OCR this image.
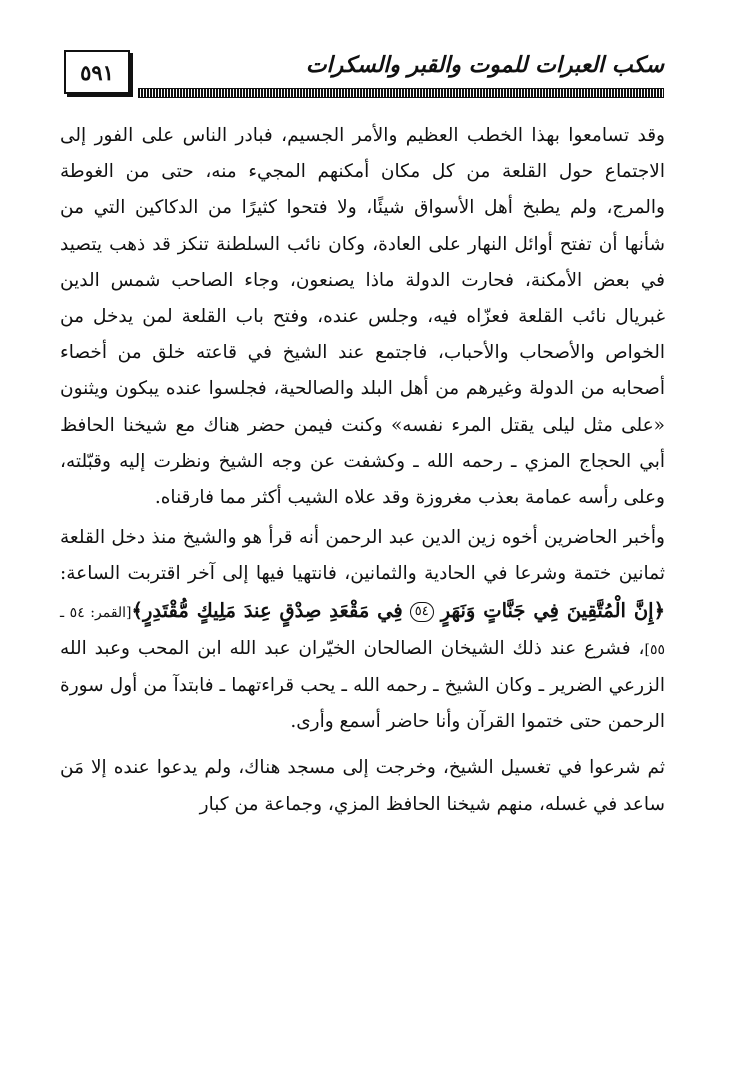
٥٩١	سكب العبرات للموت والقبر والسكرات

وقد تسامعوا بهذا الخطب العظيم والأمر الجسيم، فبادر الناس على الفور إلى الاجتماع حول القلعة من كل مكان أمكنهم المجيء منه، حتى من الغوطة والمرج، ولم يطبخ أهل الأسواق شيئًا، ولا فتحوا كثيرًا من الدكاكين التي من شأنها أن تفتح أوائل النهار على العادة، وكان نائب السلطنة تنكز قد ذهب يتصيد في بعض الأمكنة، فحارت الدولة ماذا يصنعون، وجاء الصاحب شمس الدين غبريال نائب القلعة فعزّاه فيه، وجلس عنده، وفتح باب القلعة لمن يدخل من الخواص والأصحاب والأحباب، فاجتمع عند الشيخ في قاعته خلق من أخصاء أصحابه من الدولة وغيرهم من أهل البلد والصالحية، فجلسوا عنده يبكون ويثنون «على مثل ليلى يقتل المرء نفسه» وكنت فيمن حضر هناك مع شيخنا الحافظ أبي الحجاج المزي ـ رحمه الله ـ وكشفت عن وجه الشيخ ونظرت إليه وقبّلته، وعلى رأسه عمامة بعذب مغروزة وقد علاه الشيب أكثر مما فارقناه.

وأخبر الحاضرين أخوه زين الدين عبد الرحمن أنه قرأ هو والشيخ منذ دخل القلعة ثمانين ختمة وشرعا في الحادية والثمانين، فانتهيا فيها إلى آخر اقتربت الساعة: ﴿إِنَّ الْمُتَّقِينَ فِي جَنَّاتٍ وَنَهَرٍ ٥٤ فِي مَقْعَدِ صِدْقٍ عِندَ مَلِيكٍ مُّقْتَدِرٍ﴾[القمر: ٥٤ ـ ٥٥]، فشرع عند ذلك الشيخان الصالحان الخيّران عبد الله ابن المحب وعبد الله الزرعي الضرير ـ وكان الشيخ ـ رحمه الله ـ يحب قراءتهما ـ فابتدآ من أول سورة الرحمن حتى ختموا القرآن وأنا حاضر أسمع وأرى.

ثم شرعوا في تغسيل الشيخ، وخرجت إلى مسجد هناك، ولم يدعوا عنده إلا مَن ساعد في غسله، منهم شيخنا الحافظ المزي، وجماعة من كبار
